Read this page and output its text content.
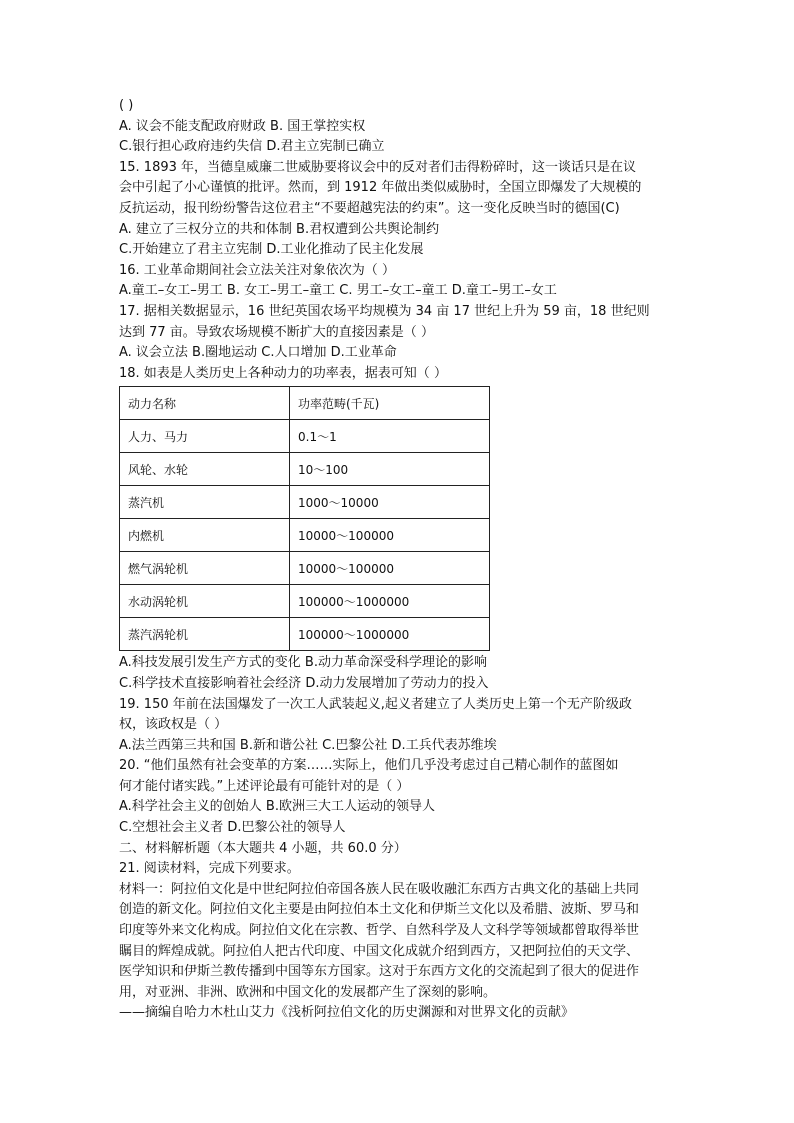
( )
A. 议会不能支配政府财政 B. 国王掌控实权
C.银行担心政府违约失信 D.君主立宪制已确立
15. 1893 年，当德皇威廉二世威胁要将议会中的反对者们击得粉碎时，这一谈话只是在议
会中引起了小心谨慎的批评。然而，到 1912 年做出类似威胁时，全国立即爆发了大规模的
反抗运动，报刊纷纷警告这位君主“不要超越宪法的约束”。这一变化反映当时的德国(C)
A. 建立了三权分立的共和体制 B.君权遭到公共舆论制约
C.开始建立了君主立宪制 D.工业化推动了民主化发展
16. 工业革命期间社会立法关注对象依次为（ ）
A.童工–女工–男工 B. 女工–男工–童工 C. 男工–女工–童工 D.童工–男工–女工
17. 据相关数据显示，16 世纪英国农场平均规模为 34 亩 17 世纪上升为 59 亩，18 世纪则
达到 77 亩。导致农场规模不断扩大的直接因素是（ ）
A. 议会立法 B.圈地运动 C.人口增加 D.工业革命
18. 如表是人类历史上各种动力的功率表，据表可知（ ）
动力名称	功率范畴(千瓦)
人力、马力	0.1～1
风轮、水轮	10～100
蒸汽机	1000～10000
内燃机	10000～100000
燃气涡轮机	10000～100000
水动涡轮机	100000～1000000
蒸汽涡轮机	100000～1000000
A.科技发展引发生产方式的变化 B.动力革命深受科学理论的影响
C.科学技术直接影响着社会经济 D.动力发展增加了劳动力的投入
19. 150 年前在法国爆发了一次工人武装起义,起义者建立了人类历史上第一个无产阶级政
权，该政权是（ ）
A.法兰西第三共和国 B.新和谐公社 C.巴黎公社 D.工兵代表苏维埃
20. “他们虽然有社会变革的方案……实际上，他们几乎没考虑过自己精心制作的蓝图如
何才能付诸实践。”上述评论最有可能针对的是（ ）
A.科学社会主义的创始人 B.欧洲三大工人运动的领导人
C.空想社会主义者 D.巴黎公社的领导人
二、材料解析题（本大题共 4 小题，共 60.0 分）
21. 阅读材料，完成下列要求。
材料一：阿拉伯文化是中世纪阿拉伯帝国各族人民在吸收融汇东西方古典文化的基础上共同
创造的新文化。阿拉伯文化主要是由阿拉伯本土文化和伊斯兰文化以及希腊、波斯、罗马和
印度等外来文化构成。阿拉伯文化在宗教、哲学、自然科学及人文科学等领域都曾取得举世
瞩目的辉煌成就。阿拉伯人把古代印度、中国文化成就介绍到西方，又把阿拉伯的天文学、
医学知识和伊斯兰教传播到中国等东方国家。这对于东西方文化的交流起到了很大的促进作
用，对亚洲、非洲、欧洲和中国文化的发展都产生了深刻的影响。
——摘编自哈力木杜山艾力《浅析阿拉伯文化的历史渊源和对世界文化的贡献》
